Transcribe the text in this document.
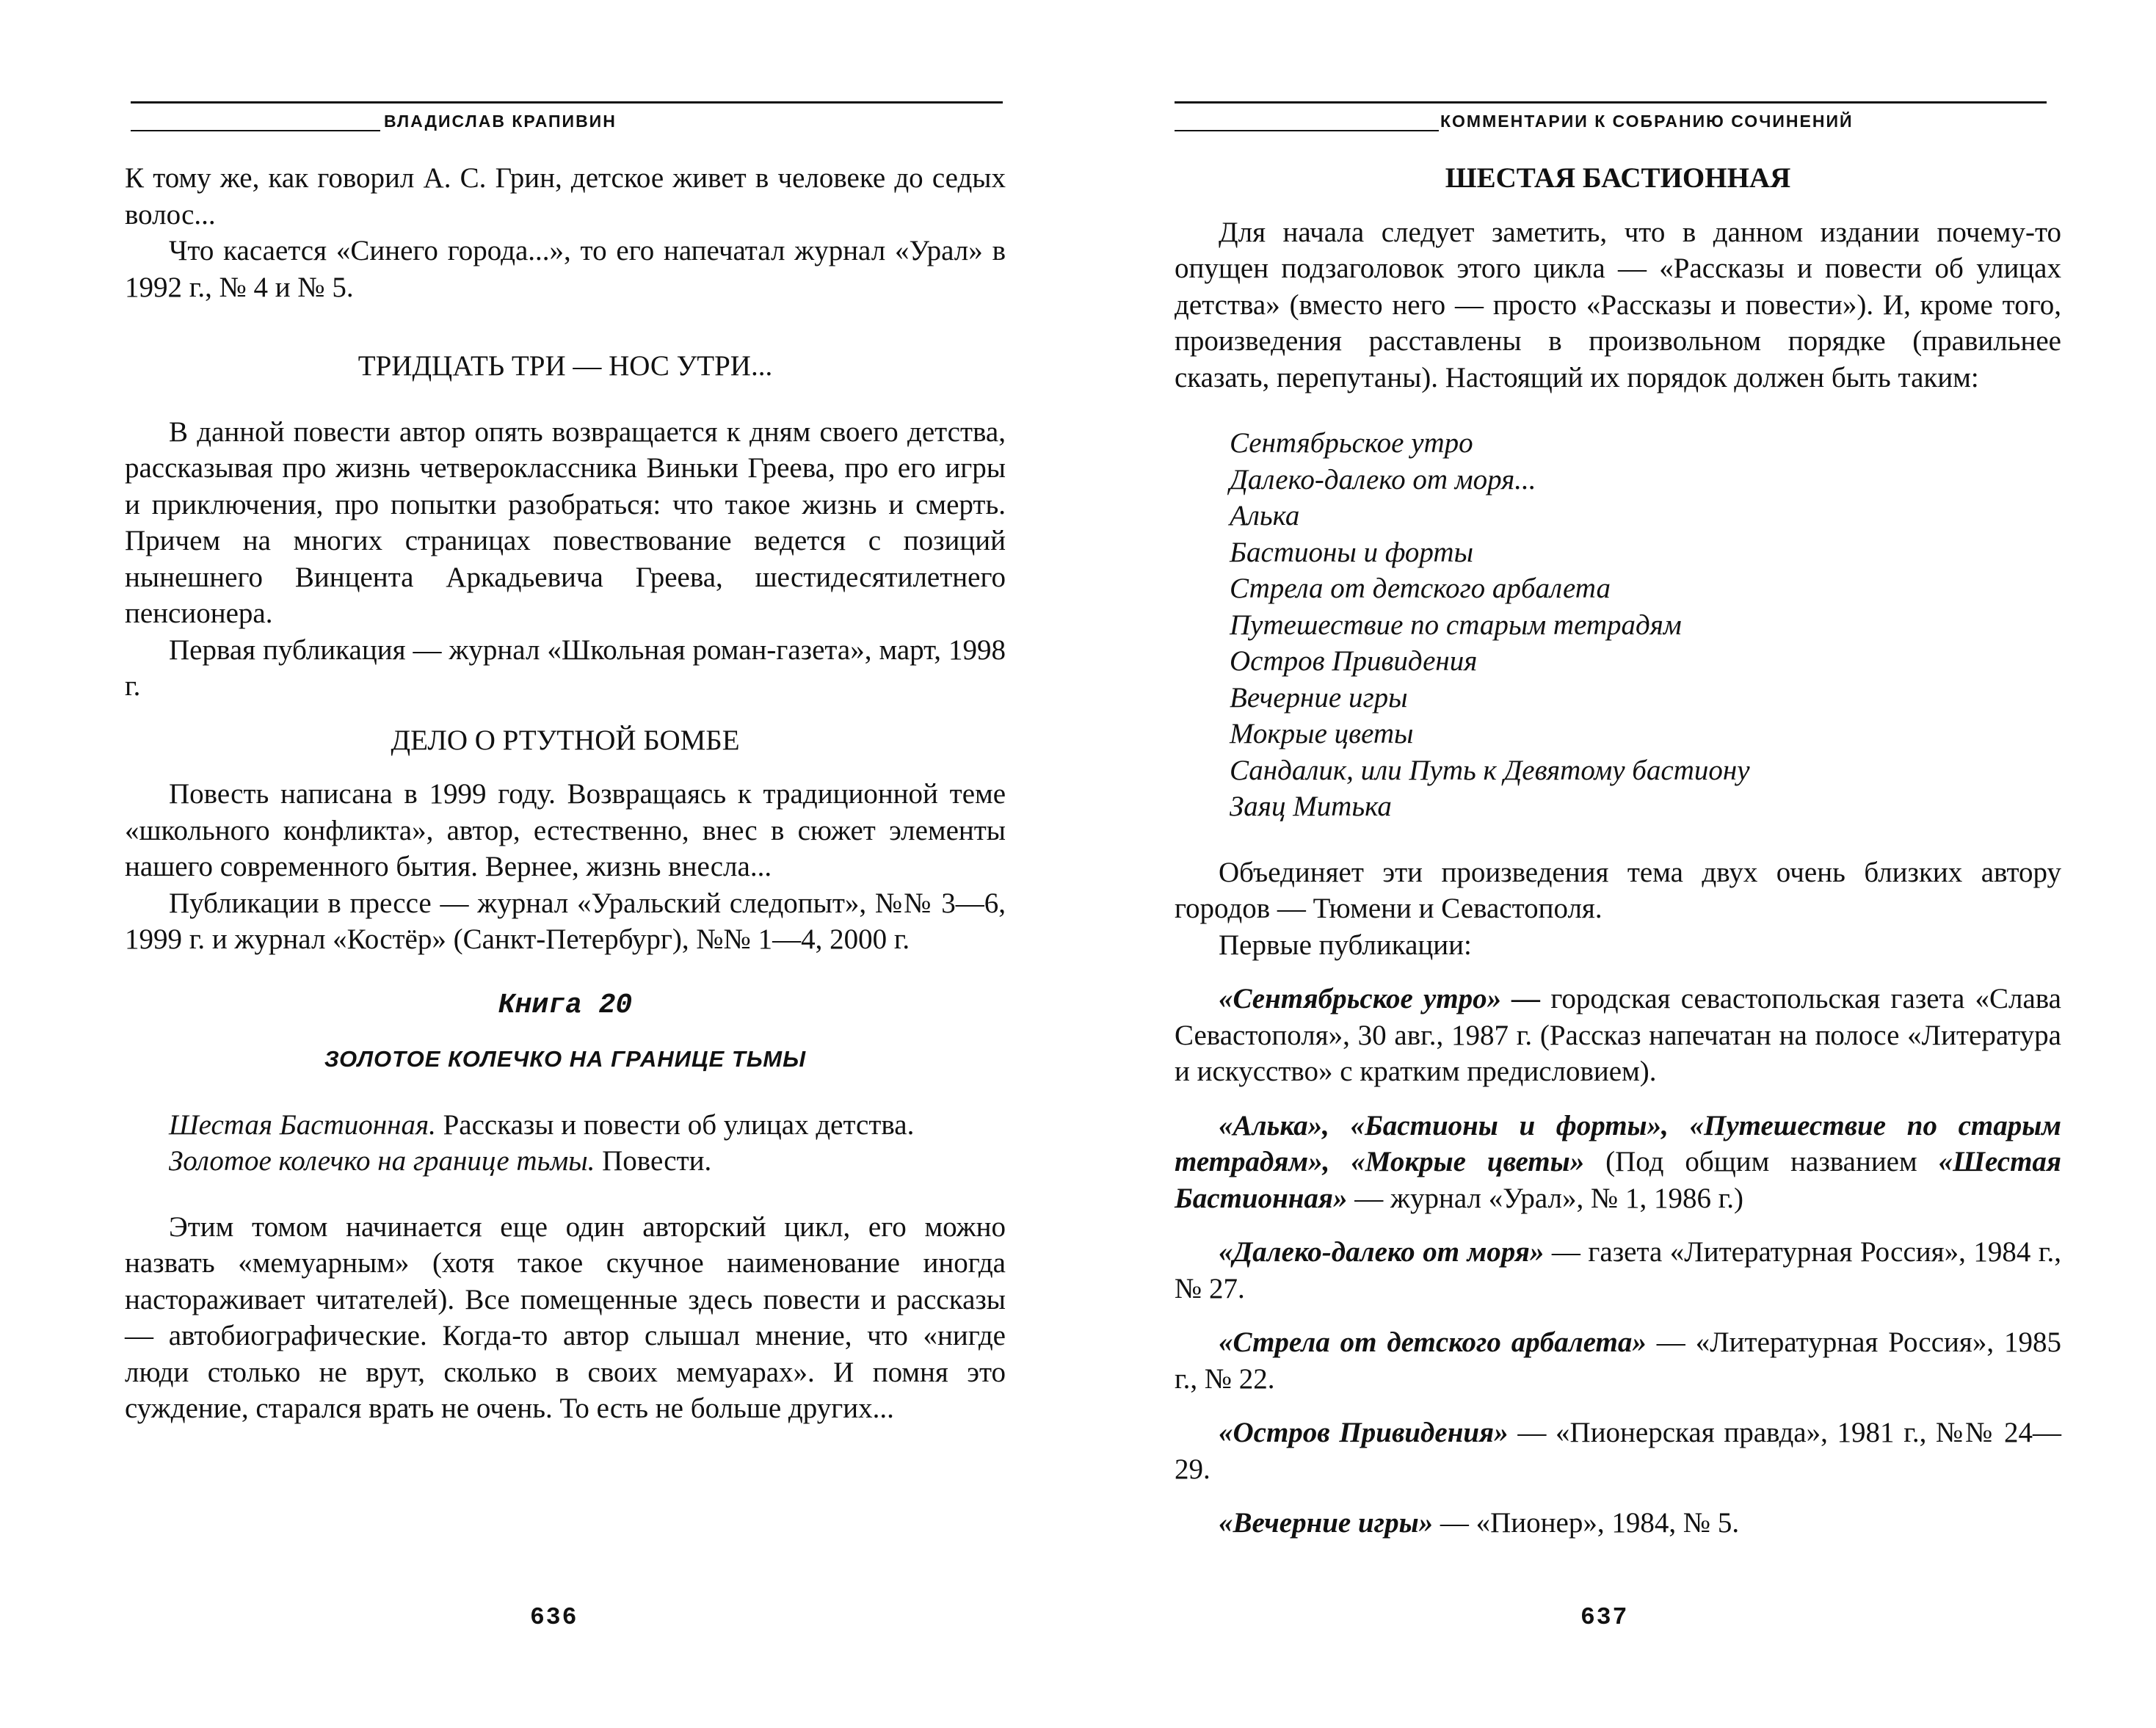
ВЛАДИСЛАВ КРАПИВИН

К тому же, как говорил А. С. Грин, детское живет в человеке до седых волос...

Что касается «Синего города...», то его напечатал журнал «Урал» в 1992 г., № 4 и № 5.

ТРИДЦАТЬ ТРИ — НОС УТРИ...

В данной повести автор опять возвращается к дням своего детства, рассказывая про жизнь четвероклассника Виньки Греева, про его игры и приключения, про попытки разобраться: что такое жизнь и смерть. Причем на многих страницах повествование ведется с позиций нынешнего Винцента Аркадьевича Греева, шестидесятилетнего пенсионера.

Первая публикация — журнал «Школьная роман-газета», март, 1998 г.

ДЕЛО О РТУТНОЙ БОМБЕ

Повесть написана в 1999 году. Возвращаясь к традиционной теме «школьного конфликта», автор, естественно, внес в сюжет элементы нашего современного бытия. Вернее, жизнь внесла...

Публикации в прессе — журнал «Уральский следопыт», №№ 3—6, 1999 г. и журнал «Костёр» (Санкт-Петербург), №№ 1—4, 2000 г.

Книга 20
ЗОЛОТОЕ КОЛЕЧКО НА ГРАНИЦЕ ТЬМЫ

Шестая Бастионная. Рассказы и повести об улицах детства.

Золотое колечко на границе тьмы. Повести.

Этим томом начинается еще один авторский цикл, его можно назвать «мемуарным» (хотя такое скучное наименование иногда настораживает читателей). Все помещенные здесь повести и рассказы — автобиографические. Когда-то автор слышал мнение, что «нигде люди столько не врут, сколько в своих мемуарах». И помня это суждение, старался врать не очень. То есть не больше других...

636
КОММЕНТАРИИ К СОБРАНИЮ СОЧИНЕНИЙ
ШЕСТАЯ БАСТИОННАЯ

Для начала следует заметить, что в данном издании почему-то опущен подзаголовок этого цикла — «Рассказы и повести об улицах детства» (вместо него — просто «Рассказы и повести»). И, кроме того, произведения расставлены в произвольном порядке (правильнее сказать, перепутаны). Настоящий их порядок должен быть таким:

Сентябрьское утро
Далеко-далеко от моря...
Алька
Бастионы и форты
Стрела от детского арбалета
Путешествие по старым тетрадям
Остров Привидения
Вечерние игры
Мокрые цветы
Сандалик, или Путь к Девятому бастиону
Заяц Митька

Объединяет эти произведения тема двух очень близких автору городов — Тюмени и Севастополя.

Первые публикации:

«Сентябрьское утро» — городская севастопольская газета «Слава Севастополя», 30 авг., 1987 г. (Рассказ напечатан на полосе «Литература и искусство» с кратким предисловием).

«Алька», «Бастионы и форты», «Путешествие по старым тетрадям», «Мокрые цветы» (Под общим названием «Шестая Бастионная» — журнал «Урал», № 1, 1986 г.)

«Далеко-далеко от моря» — газета «Литературная Россия», 1984 г., № 27.

«Стрела от детского арбалета» — «Литературная Россия», 1985 г., № 22.

«Остров Привидения» — «Пионерская правда», 1981 г., №№ 24—29.

«Вечерние игры» — «Пионер», 1984, № 5.

637
